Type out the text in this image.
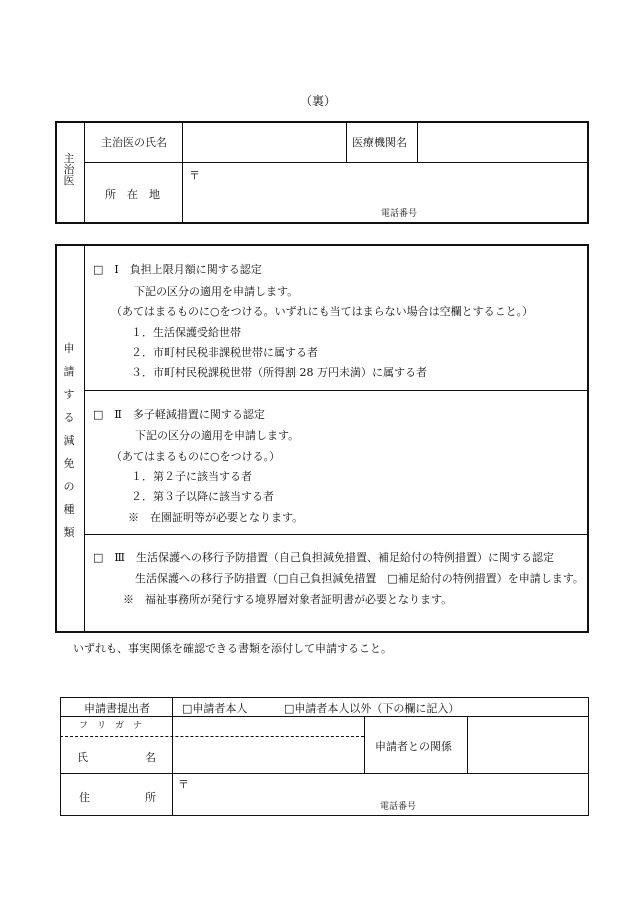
（裏）
主
治
医
主治医の氏名	医療機関名
所　在　地
〒
電話番号
申
請
す
る
減
免
の
種
類
□　Ⅰ　負担上限月額に関する認定
下記の区分の適用を申請します。
（あてはまるものに○をつける。いずれにも当てはまらない場合は空欄とすること。）
１．生活保護受給世帯
２．市町村民税非課税世帯に属する者
３．市町村民税課税世帯（所得割 28 万円未満）に属する者
□　Ⅱ　多子軽減措置に関する認定
下記の区分の適用を申請します。
（あてはまるものに○をつける。）
１．第２子に該当する者
２．第３子以降に該当する者
※　在園証明等が必要となります。
□　Ⅲ　生活保護への移行予防措置（自己負担減免措置、補足給付の特例措置）に関する認定
生活保護への移行予防措置（□自己負担減免措置　□補足給付の特例措置）を申請します。
※　福祉事務所が発行する境界層対象者証明書が必要となります。
いずれも、事実関係を確認できる書類を添付して申請すること。
申請書提出者	□申請者本人	□申請者本人以外（下の欄に記入）
フ　リ　ガ　ナ
氏	名
申請者との関係
住	所
〒
電話番号
